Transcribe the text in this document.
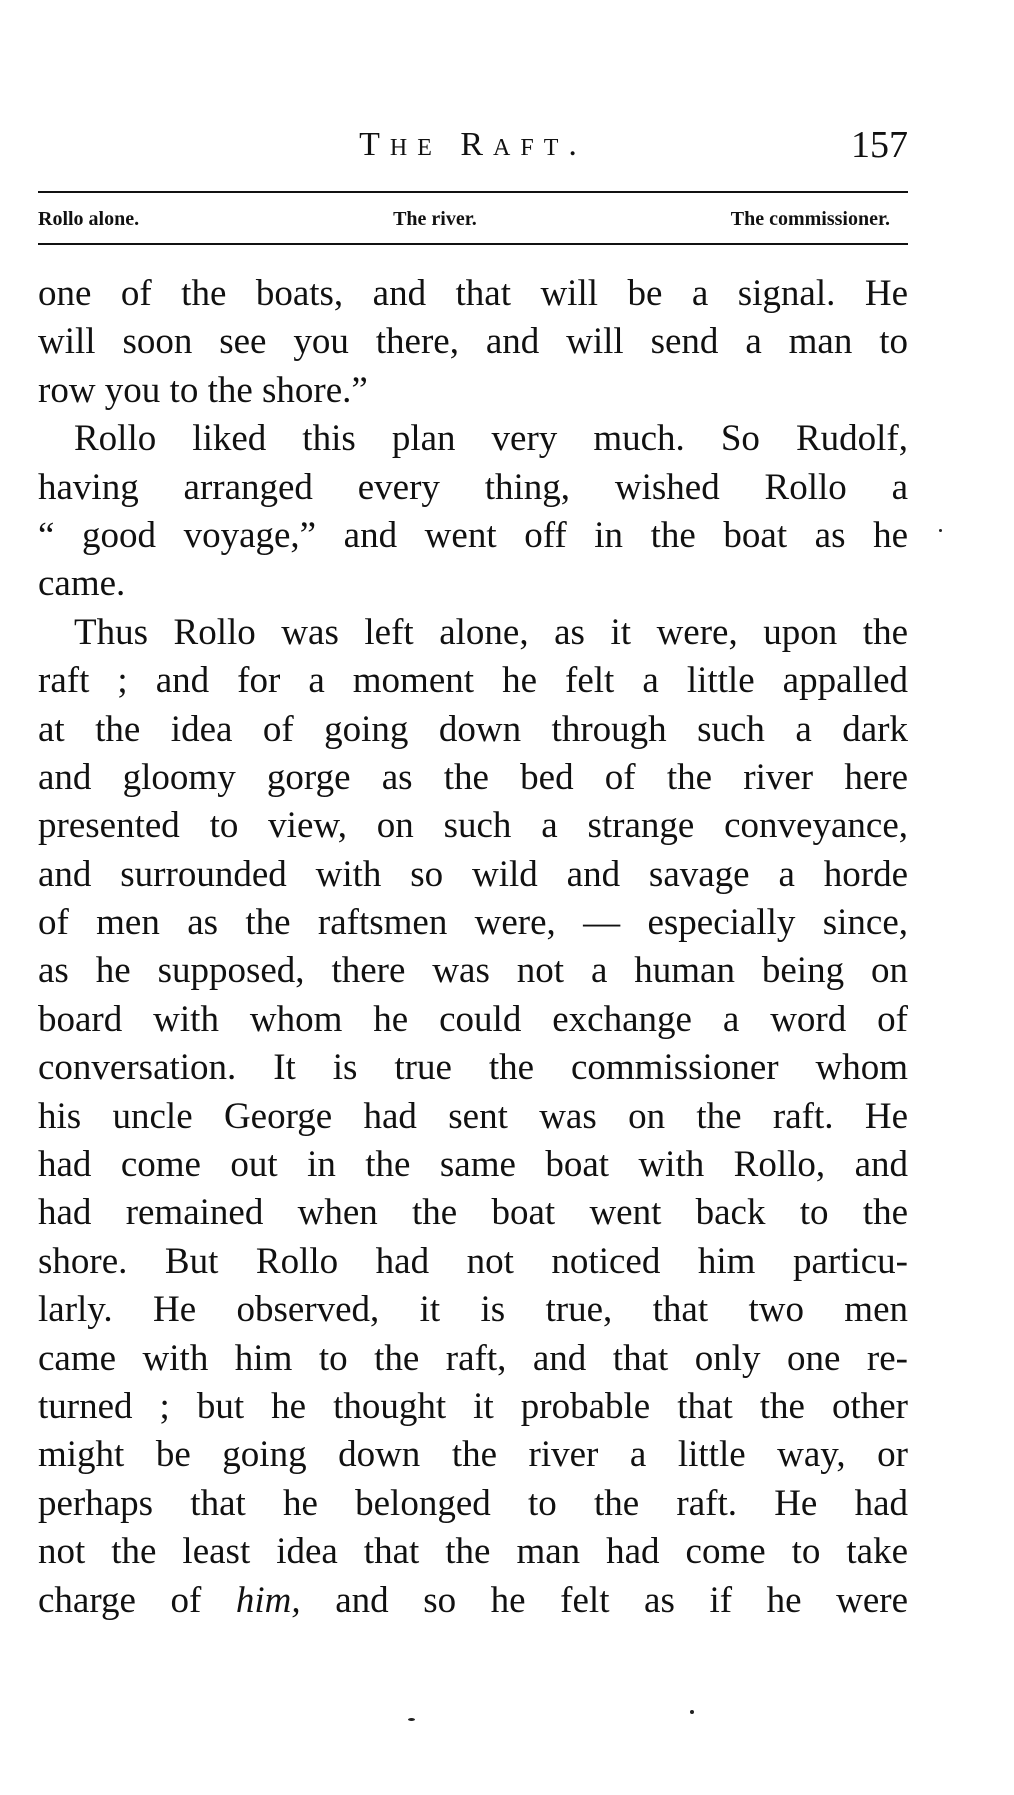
The Raft.	157
Rollo alone.	The river.	The commissioner.
one of the boats, and that will be a signal. He
will soon see you there, and will send a man to
row you to the shore.”
Rollo liked this plan very much. So Rudolf,
having arranged every thing, wished Rollo a
“ good voyage,” and went off in the boat as he
came.
Thus Rollo was left alone, as it were, upon the
raft ; and for a moment he felt a little appalled
at the idea of going down through such a dark
and gloomy gorge as the bed of the river here
presented to view, on such a strange conveyance,
and surrounded with so wild and savage a horde
of men as the raftsmen were, — especially since,
as he supposed, there was not a human being on
board with whom he could exchange a word of
conversation. It is true the commissioner whom
his uncle George had sent was on the raft. He
had come out in the same boat with Rollo, and
had remained when the boat went back to the
shore. But Rollo had not noticed him particu-
larly. He observed, it is true, that two men
came with him to the raft, and that only one re-
turned ; but he thought it probable that the other
might be going down the river a little way, or
perhaps that he belonged to the raft. He had
not the least idea that the man had come to take
charge of him, and so he felt as if he were
